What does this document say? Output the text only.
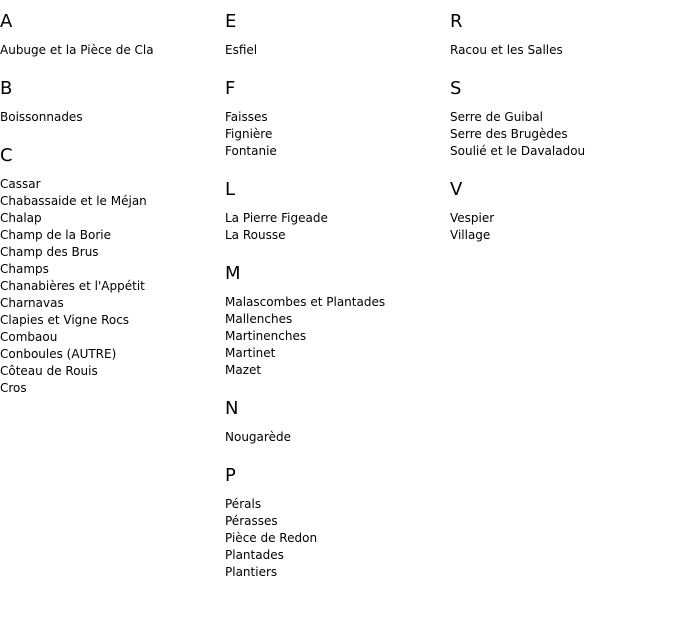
A
Aubuge et la Pièce de Cla
B
Boissonnades
C
Cassar
Chabassaide et le Méjan
Chalap
Champ de la Borie
Champ des Brus
Champs
Chanabières et l'Appétit
Charnavas
Clapies et Vigne Rocs
Combaou
Conboules (AUTRE)
Côteau de Rouis
Cros
E
Esfiel
F
Faisses
Fignière
Fontanie
L
La Pierre Figeade
La Rousse
M
Malascombes et Plantades
Mallenches
Martinenches
Martinet
Mazet
N
Nougarède
P
Pérals
Pérasses
Pièce de Redon
Plantades
Plantiers
R
Racou et les Salles
S
Serre de Guibal
Serre des Brugèdes
Soulié et le Davaladou
V
Vespier
Village
